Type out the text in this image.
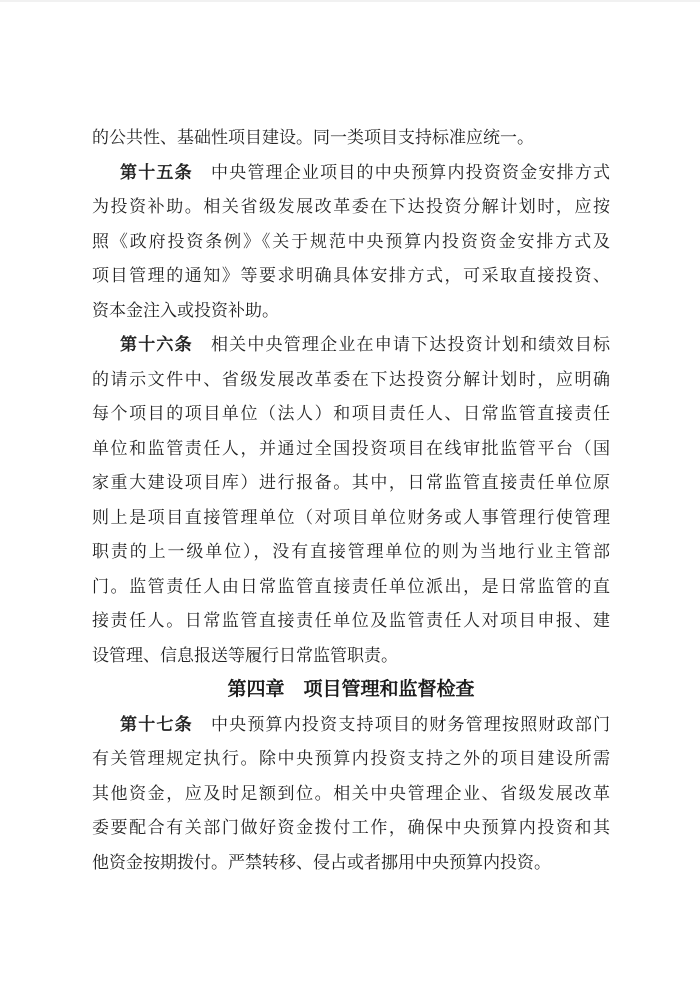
的公共性、基础性项目建设。同一类项目支持标准应统一。
第十五条　中央管理企业项目的中央预算内投资资金安排方式
为投资补助。相关省级发展改革委在下达投资分解计划时，应按
照《政府投资条例》《关于规范中央预算内投资资金安排方式及
项目管理的通知》等要求明确具体安排方式，可采取直接投资、
资本金注入或投资补助。
第十六条　相关中央管理企业在申请下达投资计划和绩效目标
的请示文件中、省级发展改革委在下达投资分解计划时，应明确
每个项目的项目单位（法人）和项目责任人、日常监管直接责任
单位和监管责任人，并通过全国投资项目在线审批监管平台（国
家重大建设项目库）进行报备。其中，日常监管直接责任单位原
则上是项目直接管理单位（对项目单位财务或人事管理行使管理
职责的上一级单位），没有直接管理单位的则为当地行业主管部
门。监管责任人由日常监管直接责任单位派出，是日常监管的直
接责任人。日常监管直接责任单位及监管责任人对项目申报、建
设管理、信息报送等履行日常监管职责。
第四章　项目管理和监督检查
第十七条　中央预算内投资支持项目的财务管理按照财政部门
有关管理规定执行。除中央预算内投资支持之外的项目建设所需
其他资金，应及时足额到位。相关中央管理企业、省级发展改革
委要配合有关部门做好资金拨付工作，确保中央预算内投资和其
他资金按期拨付。严禁转移、侵占或者挪用中央预算内投资。
